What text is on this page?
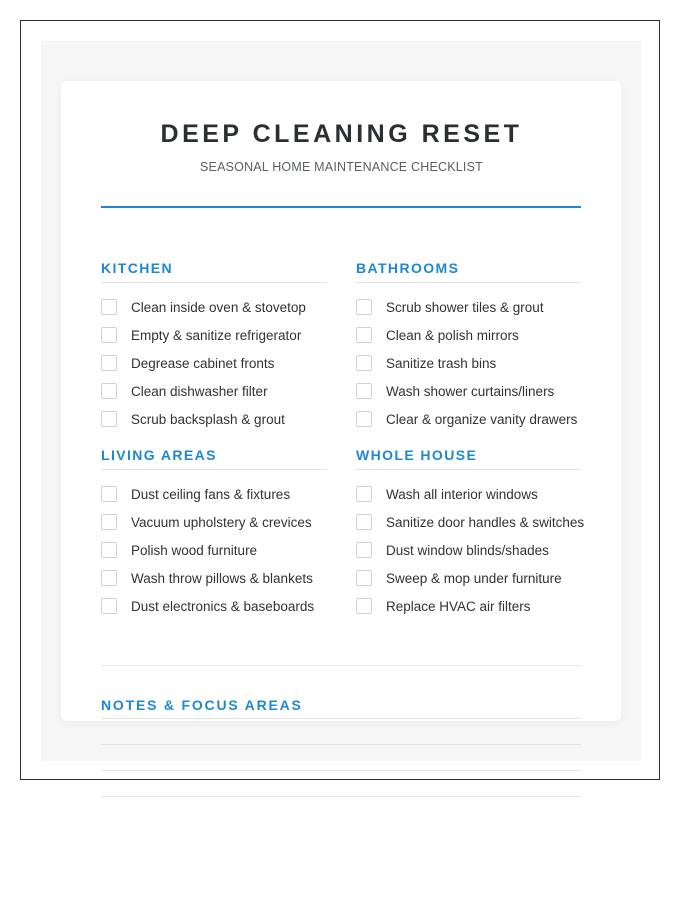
DEEP CLEANING RESET
SEASONAL HOME MAINTENANCE CHECKLIST
KITCHEN
Clean inside oven & stovetop
Empty & sanitize refrigerator
Degrease cabinet fronts
Clean dishwasher filter
Scrub backsplash & grout
BATHROOMS
Scrub shower tiles & grout
Clean & polish mirrors
Sanitize trash bins
Wash shower curtains/liners
Clear & organize vanity drawers
LIVING AREAS
Dust ceiling fans & fixtures
Vacuum upholstery & crevices
Polish wood furniture
Wash throw pillows & blankets
Dust electronics & baseboards
WHOLE HOUSE
Wash all interior windows
Sanitize door handles & switches
Dust window blinds/shades
Sweep & mop under furniture
Replace HVAC air filters
NOTES & FOCUS AREAS
